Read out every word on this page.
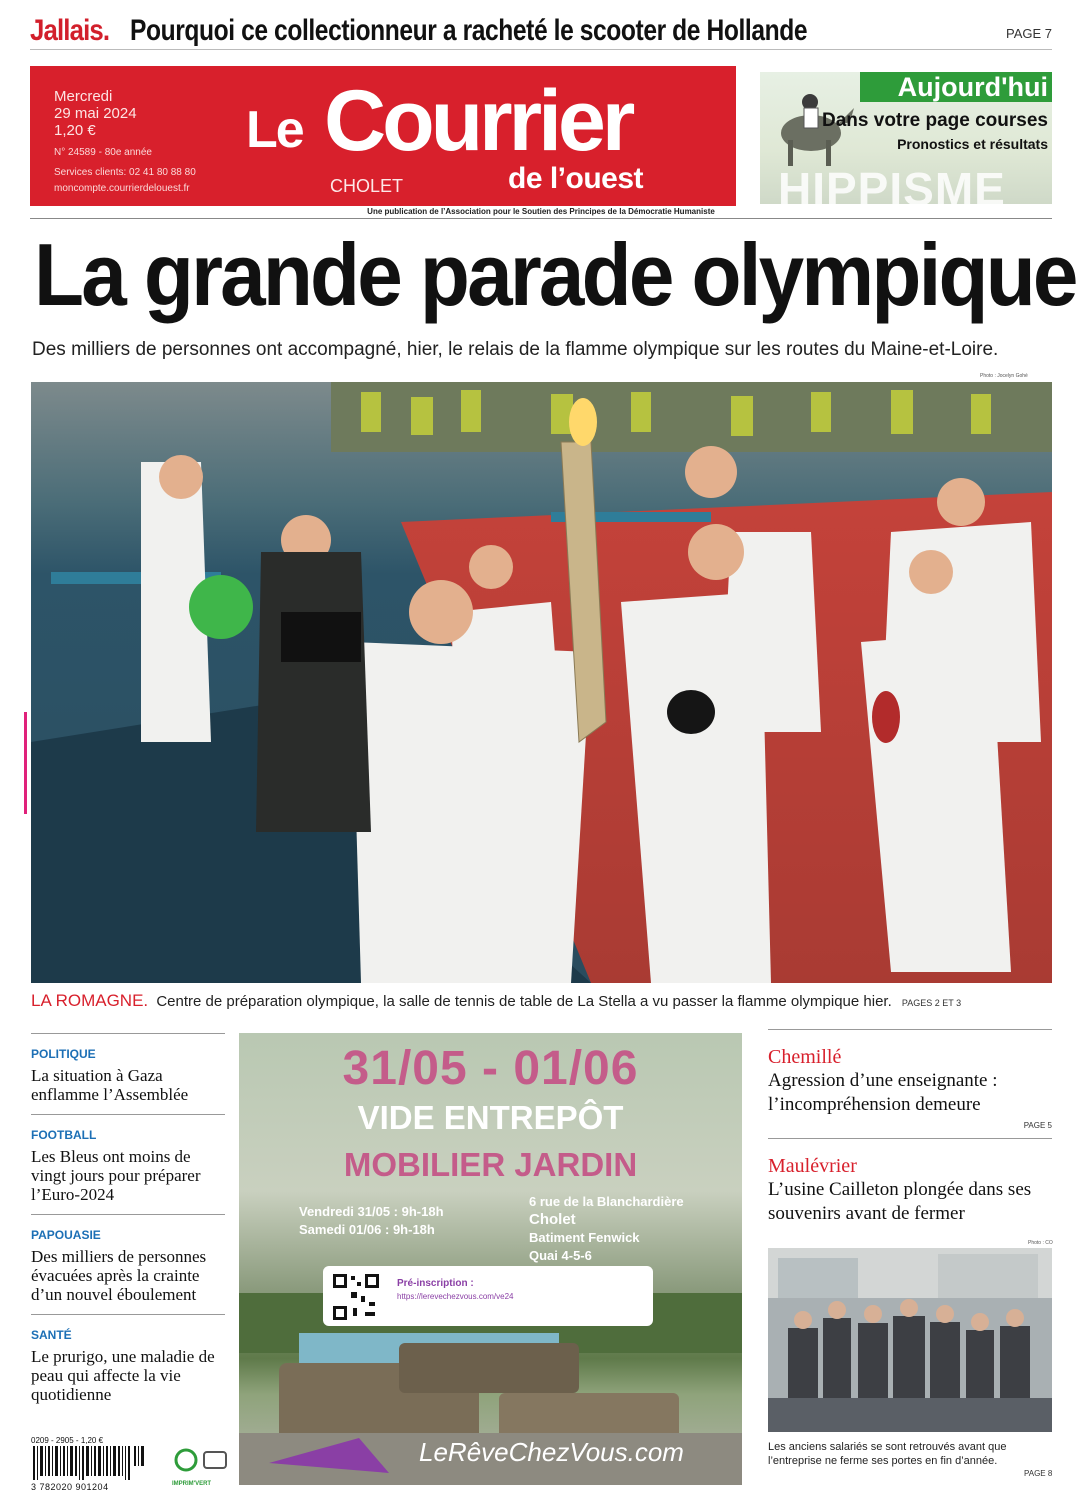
Jallais. Pourquoi ce collectionneur a racheté le scooter de Hollande	PAGE 7
Mercredi
29 mai 2024
1,20 €
N° 24589 - 80e année
Services clients: 02 41 80 88 80
moncompte.courrierdelouest.fr
Le Courrier
de l’ouest
CHOLET
Aujourd'hui
Dans votre page courses
Pronostics et résultats
HIPPISME
Une publication de l’Association pour le Soutien des Principes de la Démocratie Humaniste
La grande parade olympique

Des milliers de personnes ont accompagné, hier, le relais de la flamme olympique sur les routes du Maine-et-Loire.

Photo : Jocelyn Gohé
LA ROMAGNE. Centre de préparation olympique, la salle de tennis de table de La Stella a vu passer la flamme olympique hier. PAGES 2 ET 3
POLITIQUE
La situation à Gaza enflamme l’Assemblée
FOOTBALL
Les Bleus ont moins de vingt jours pour préparer l’Euro-2024
PAPOUASIE
Des milliers de personnes évacuées après la crainte d’un nouvel éboulement
SANTÉ
Le prurigo, une maladie de peau qui affecte la vie quotidienne
31/05 - 01/06
VIDE ENTREPÔT
MOBILIER JARDIN
Vendredi 31/05 : 9h-18h
Samedi 01/06 : 9h-18h
6 rue de la Blanchardière
Cholet
Batiment Fenwick
Quai 4-5-6
Pré-inscription :
https://lerevechezvous.com/ve24
LeRêveChezVous.com
Chemillé
Agression d’une enseignante : l’incompréhension demeure
PAGE 5
Maulévrier
L’usine Cailleton plongée dans ses souvenirs avant de fermer
Photo : CO
Les anciens salariés se sont retrouvés avant que l’entreprise ne ferme ses portes en fin d’année.
PAGE 8
0209 - 2905 - 1,20 €
3 782020 901204	IMPRIM'VERT
